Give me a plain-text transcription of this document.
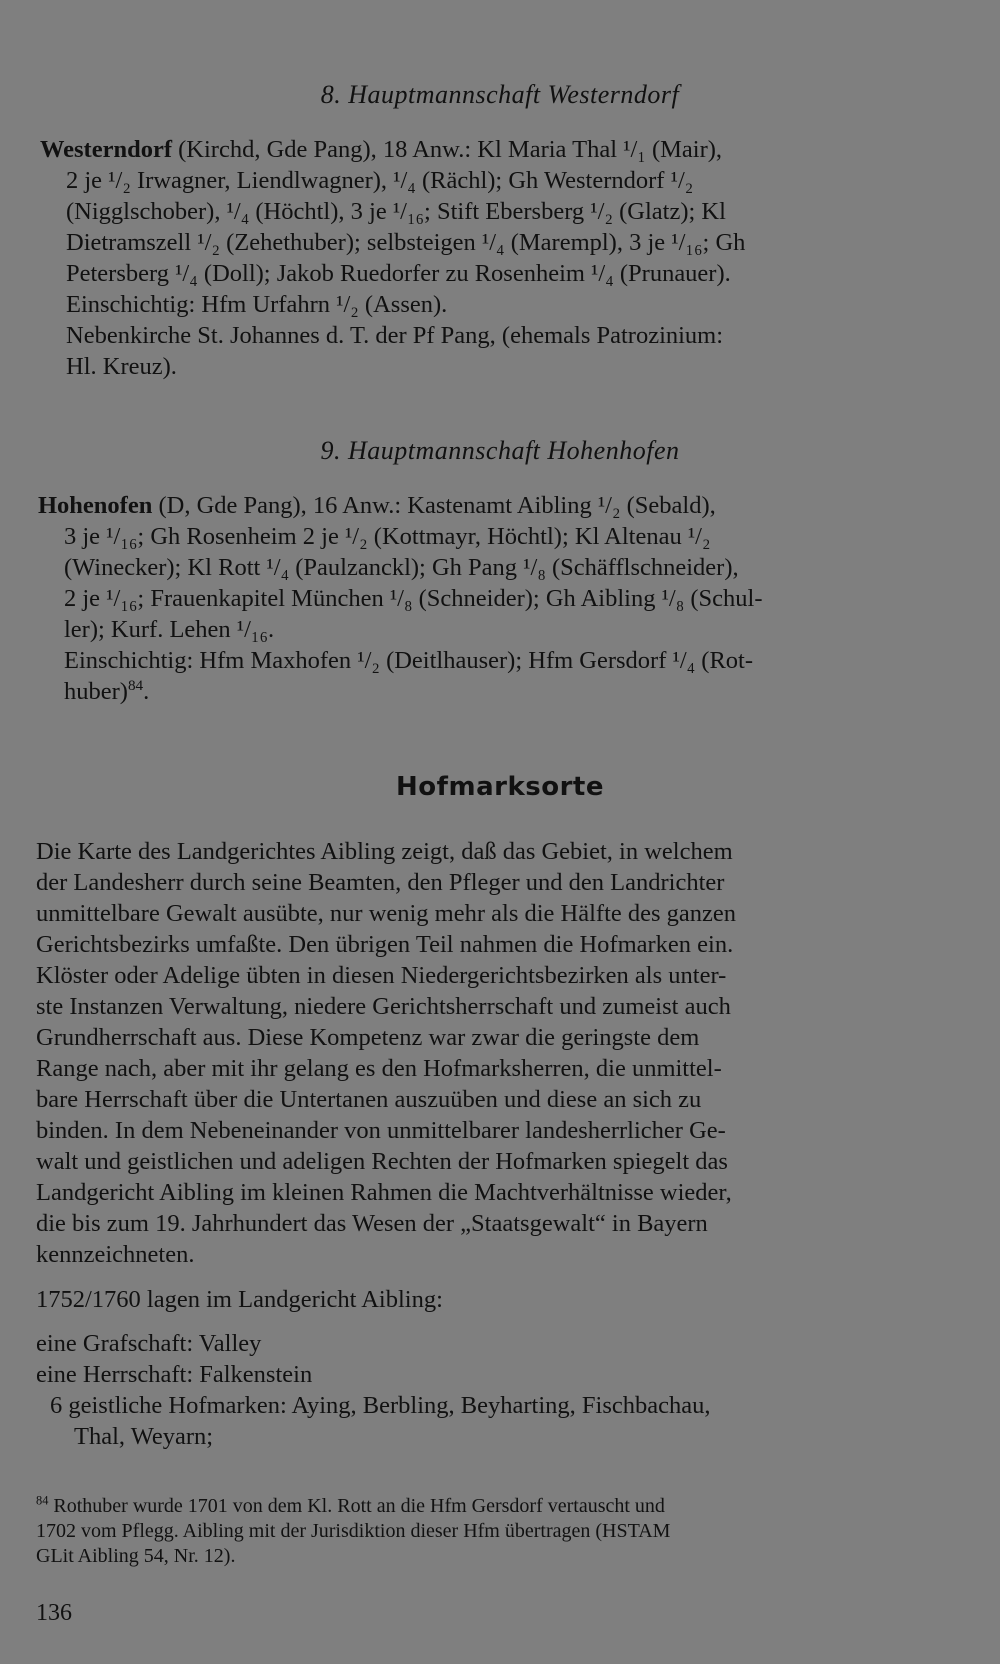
8. Hauptmannschaft Westerndorf

Westerndorf (Kirchd, Gde Pang), 18 Anw.: Kl Maria Thal ¹/₁ (Mair),

2 je ¹/₂ Irwagner, Liendlwagner), ¹/₄ (Rächl); Gh Westerndorf ¹/₂

(Nigglschober), ¹/₄ (Höchtl), 3 je ¹/₁₆; Stift Ebersberg ¹/₂ (Glatz); Kl

Dietramszell ¹/₂ (Zehethuber); selbsteigen ¹/₄ (Marempl), 3 je ¹/₁₆; Gh

Petersberg ¹/₄ (Doll); Jakob Ruedorfer zu Rosenheim ¹/₄ (Prunauer).

Einschichtig: Hfm Urfahrn ¹/₂ (Assen).

Nebenkirche St. Johannes d. T. der Pf Pang, (ehemals Patrozinium:

Hl. Kreuz).

9. Hauptmannschaft Hohenhofen

Hohenofen (D, Gde Pang), 16 Anw.: Kastenamt Aibling ¹/₂ (Sebald),

3 je ¹/₁₆; Gh Rosenheim 2 je ¹/₂ (Kottmayr, Höchtl); Kl Altenau ¹/₂

(Winecker); Kl Rott ¹/₄ (Paulzanckl); Gh Pang ¹/₈ (Schäfflschneider),

2 je ¹/₁₆; Frauenkapitel München ¹/₈ (Schneider); Gh Aibling ¹/₈ (Schul-

ler); Kurf. Lehen ¹/₁₆.

Einschichtig: Hfm Maxhofen ¹/₂ (Deitlhauser); Hfm Gersdorf ¹/₄ (Rot-

huber)$^{84}$.

Hofmarksorte

Die Karte des Landgerichtes Aibling zeigt, daß das Gebiet, in welchem

der Landesherr durch seine Beamten, den Pfleger und den Landrichter

unmittelbare Gewalt ausübte, nur wenig mehr als die Hälfte des ganzen

Gerichtsbezirks umfaßte. Den übrigen Teil nahmen die Hofmarken ein.

Klöster oder Adelige übten in diesen Niedergerichtsbezirken als unter-

ste Instanzen Verwaltung, niedere Gerichtsherrschaft und zumeist auch

Grundherrschaft aus. Diese Kompetenz war zwar die geringste dem

Range nach, aber mit ihr gelang es den Hofmarksherren, die unmittel-

bare Herrschaft über die Untertanen auszuüben und diese an sich zu

binden. In dem Nebeneinander von unmittelbarer landesherrlicher Ge-

walt und geistlichen und adeligen Rechten der Hofmarken spiegelt das

Landgericht Aibling im kleinen Rahmen die Machtverhältnisse wieder,

die bis zum 19. Jahrhundert das Wesen der „Staatsgewalt“ in Bayern

kennzeichneten.

1752/1760 lagen im Landgericht Aibling:

eine Grafschaft: Valley

eine Herrschaft: Falkenstein

6 geistliche Hofmarken: Aying, Berbling, Beyharting, Fischbachau,

Thal, Weyarn;

$^{84}$ Rothuber wurde 1701 von dem Kl. Rott an die Hfm Gersdorf vertauscht und
1702 vom Pflegg. Aibling mit der Jurisdiktion dieser Hfm übertragen (HSTAM
GLit Aibling 54, Nr. 12).
136
